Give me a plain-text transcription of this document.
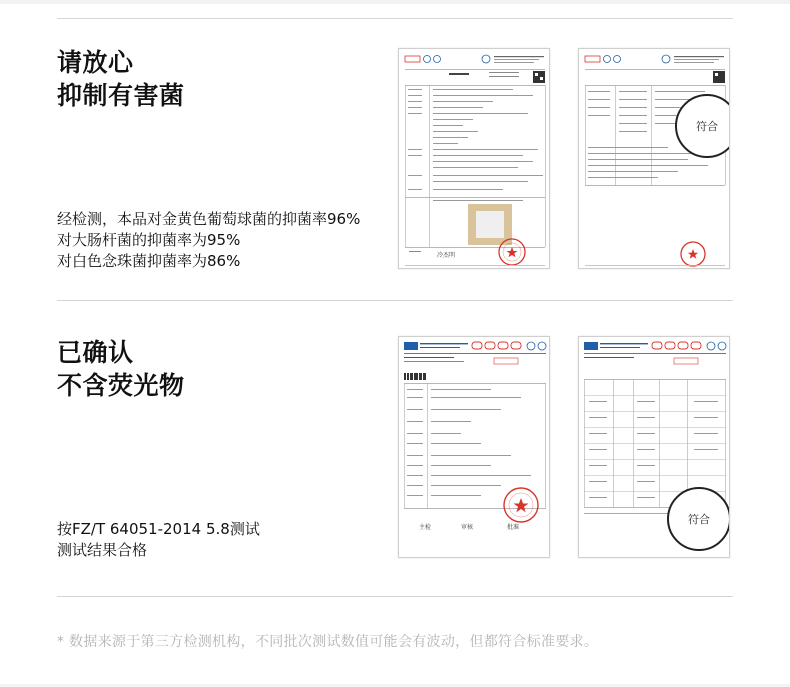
请放心
抑制有害菌
经检测，本品对金黄色葡萄球菌的抑菌率96%
对大肠杆菌的抑菌率为95%
对白色念珠菌抑菌率为86%	冷杰明
符合
已确认
不含荧光物
按FZ/T 64051-2014 5.8测试
测试结果合格
主检	审核	批准
符合
* 数据来源于第三方检测机构，不同批次测试数值可能会有波动，但都符合标准要求。
